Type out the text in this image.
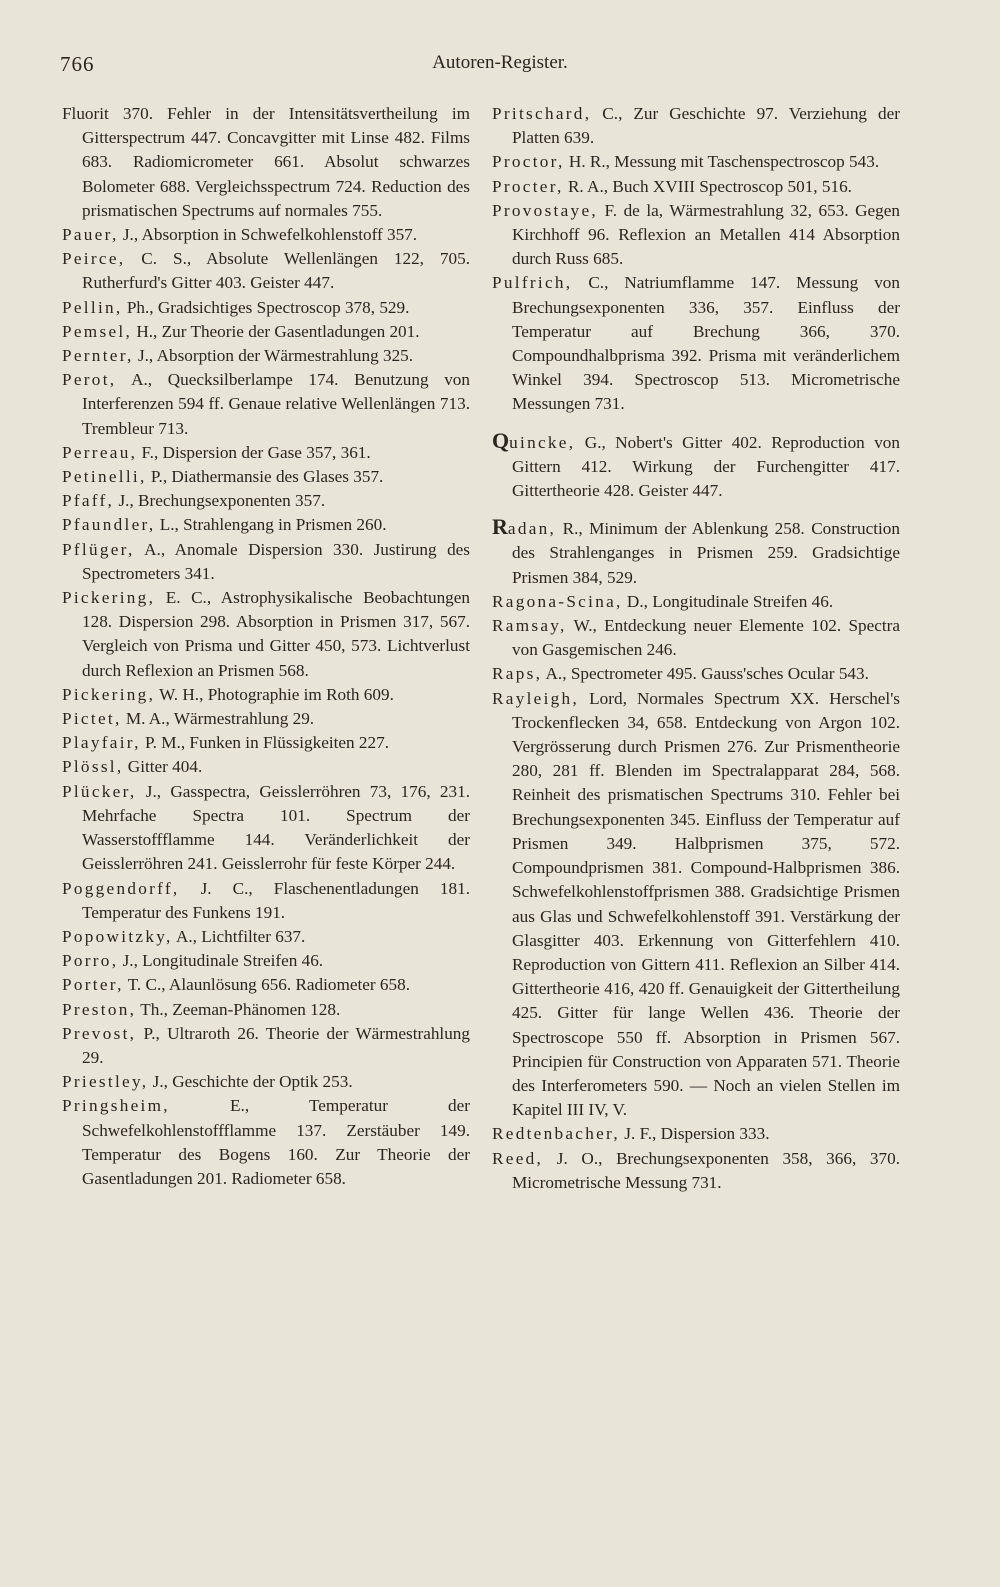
766	Autoren-Register.

Fluorit 370. Fehler in der Intensitätsvertheilung im Gitterspectrum 447. Concavgitter mit Linse 482. Films 683. Radiomicrometer 661. Absolut schwarzes Bolometer 688. Vergleichsspectrum 724. Reduction des prismatischen Spectrums auf normales 755.

Pauer, J., Absorption in Schwefelkohlenstoff 357.

Peirce, C. S., Absolute Wellenlängen 122, 705. Rutherfurd's Gitter 403. Geister 447.

Pellin, Ph., Gradsichtiges Spectroscop 378, 529.

Pemsel, H., Zur Theorie der Gasentladungen 201.

Pernter, J., Absorption der Wärmestrahlung 325.

Perot, A., Quecksilberlampe 174. Benutzung von Interferenzen 594 ff. Genaue relative Wellenlängen 713. Trembleur 713.

Perreau, F., Dispersion der Gase 357, 361.

Petinelli, P., Diathermansie des Glases 357.

Pfaff, J., Brechungsexponenten 357.

Pfaundler, L., Strahlengang in Prismen 260.

Pflüger, A., Anomale Dispersion 330. Justirung des Spectrometers 341.

Pickering, E. C., Astrophysikalische Beobachtungen 128. Dispersion 298. Absorption in Prismen 317, 567. Vergleich von Prisma und Gitter 450, 573. Lichtverlust durch Reflexion an Prismen 568.

Pickering, W. H., Photographie im Roth 609.

Pictet, M. A., Wärmestrahlung 29.

Playfair, P. M., Funken in Flüssigkeiten 227.

Plössl, Gitter 404.

Plücker, J., Gasspectra, Geisslerröhren 73, 176, 231. Mehrfache Spectra 101. Spectrum der Wasserstoffflamme 144. Veränderlichkeit der Geisslerröhren 241. Geisslerrohr für feste Körper 244.

Poggendorff, J. C., Flaschenentladungen 181. Temperatur des Funkens 191.

Popowitzky, A., Lichtfilter 637.

Porro, J., Longitudinale Streifen 46.

Porter, T. C., Alaunlösung 656. Radiometer 658.

Preston, Th., Zeeman-Phänomen 128.

Prevost, P., Ultraroth 26. Theorie der Wärmestrahlung 29.

Priestley, J., Geschichte der Optik 253.

Pringsheim, E., Temperatur der Schwefelkohlenstoffflamme 137. Zerstäuber 149. Temperatur des Bogens 160. Zur Theorie der Gasentladungen 201. Radiometer 658.

Pritschard, C., Zur Geschichte 97. Verziehung der Platten 639.

Proctor, H. R., Messung mit Taschenspectroscop 543.

Procter, R. A., Buch XVIII Spectroscop 501, 516.

Provostaye, F. de la, Wärmestrahlung 32, 653. Gegen Kirchhoff 96. Reflexion an Metallen 414 Absorption durch Russ 685.

Pulfrich, C., Natriumflamme 147. Messung von Brechungsexponenten 336, 357. Einfluss der Temperatur auf Brechung 366, 370. Compoundhalbprisma 392. Prisma mit veränderlichem Winkel 394. Spectroscop 513. Micrometrische Messungen 731.

Quincke, G., Nobert's Gitter 402. Reproduction von Gittern 412. Wirkung der Furchengitter 417. Gittertheorie 428. Geister 447.

Radan, R., Minimum der Ablenkung 258. Construction des Strahlenganges in Prismen 259. Gradsichtige Prismen 384, 529.

Ragona-Scina, D., Longitudinale Streifen 46.

Ramsay, W., Entdeckung neuer Elemente 102. Spectra von Gasgemischen 246.

Raps, A., Spectrometer 495. Gauss'sches Ocular 543.

Rayleigh, Lord, Normales Spectrum XX. Herschel's Trockenflecken 34, 658. Entdeckung von Argon 102. Vergrösserung durch Prismen 276. Zur Prismentheorie 280, 281 ff. Blenden im Spectralapparat 284, 568. Reinheit des prismatischen Spectrums 310. Fehler bei Brechungsexponenten 345. Einfluss der Temperatur auf Prismen 349. Halbprismen 375, 572. Compoundprismen 381. Compound-Halbprismen 386. Schwefelkohlenstoffprismen 388. Gradsichtige Prismen aus Glas und Schwefelkohlenstoff 391. Verstärkung der Glasgitter 403. Erkennung von Gitterfehlern 410. Reproduction von Gittern 411. Reflexion an Silber 414. Gittertheorie 416, 420 ff. Genauigkeit der Gittertheilung 425. Gitter für lange Wellen 436. Theorie der Spectroscope 550 ff. Absorption in Prismen 567. Principien für Construction von Apparaten 571. Theorie des Interferometers 590. — Noch an vielen Stellen im Kapitel III IV, V.

Redtenbacher, J. F., Dispersion 333.

Reed, J. O., Brechungsexponenten 358, 366, 370. Micrometrische Messung 731.
